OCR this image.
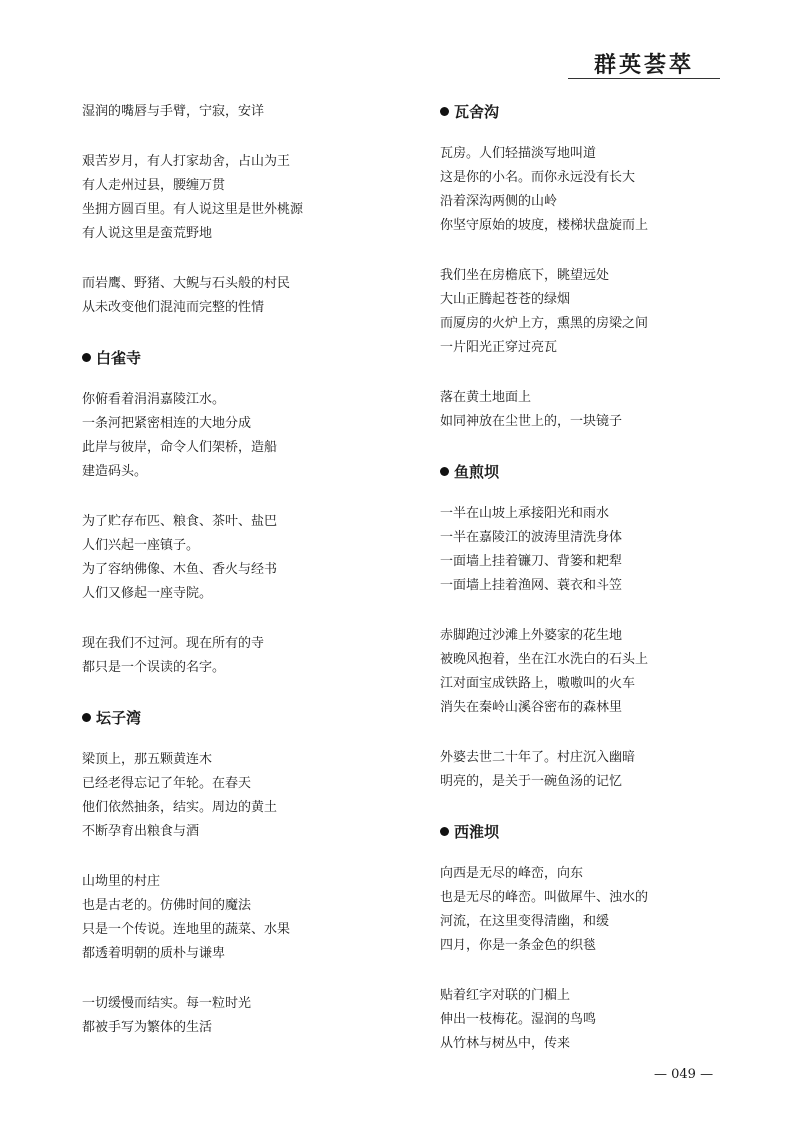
群英荟萃
湿润的嘴唇与手臂，宁寂，安详
艰苦岁月，有人打家劫舍，占山为王
有人走州过县，腰缠万贯
坐拥方圆百里。有人说这里是世外桃源
有人说这里是蛮荒野地
而岩鹰、野猪、大鲵与石头般的村民
从未改变他们混沌而完整的性情
白雀寺
你俯看着涓涓嘉陵江水。
一条河把紧密相连的大地分成
此岸与彼岸，命令人们架桥，造船
建造码头。
为了贮存布匹、粮食、茶叶、盐巴
人们兴起一座镇子。
为了容纳佛像、木鱼、香火与经书
人们又修起一座寺院。
现在我们不过河。现在所有的寺
都只是一个误读的名字。
坛子湾
梁顶上，那五颗黄连木
已经老得忘记了年轮。在春天
他们依然抽条，结实。周边的黄土
不断孕育出粮食与酒
山坳里的村庄
也是古老的。仿佛时间的魔法
只是一个传说。连地里的蔬菜、水果
都透着明朝的质朴与谦卑
一切缓慢而结实。每一粒时光
都被手写为繁体的生活
瓦舍沟
瓦房。人们轻描淡写地叫道
这是你的小名。而你永远没有长大
沿着深沟两侧的山岭
你坚守原始的坡度，楼梯状盘旋而上
我们坐在房檐底下，眺望远处
大山正腾起苍苍的绿烟
而厦房的火炉上方，熏黑的房梁之间
一片阳光正穿过亮瓦
落在黄土地面上
如同神放在尘世上的，一块镜子
鱼煎坝
一半在山坡上承接阳光和雨水
一半在嘉陵江的波涛里清洗身体
一面墙上挂着镰刀、背篓和耙犁
一面墙上挂着渔网、蓑衣和斗笠
赤脚跑过沙滩上外婆家的花生地
被晚风抱着，坐在江水洗白的石头上
江对面宝成铁路上，嗷嗷叫的火车
消失在秦岭山溪谷密布的森林里
外婆去世二十年了。村庄沉入幽暗
明亮的，是关于一碗鱼汤的记忆
西淮坝
向西是无尽的峰峦，向东
也是无尽的峰峦。叫做犀牛、浊水的
河流，在这里变得清幽，和缓
四月，你是一条金色的织毯
贴着红字对联的门楣上
伸出一枝梅花。湿润的鸟鸣
从竹林与树丛中，传来
— 049 —
